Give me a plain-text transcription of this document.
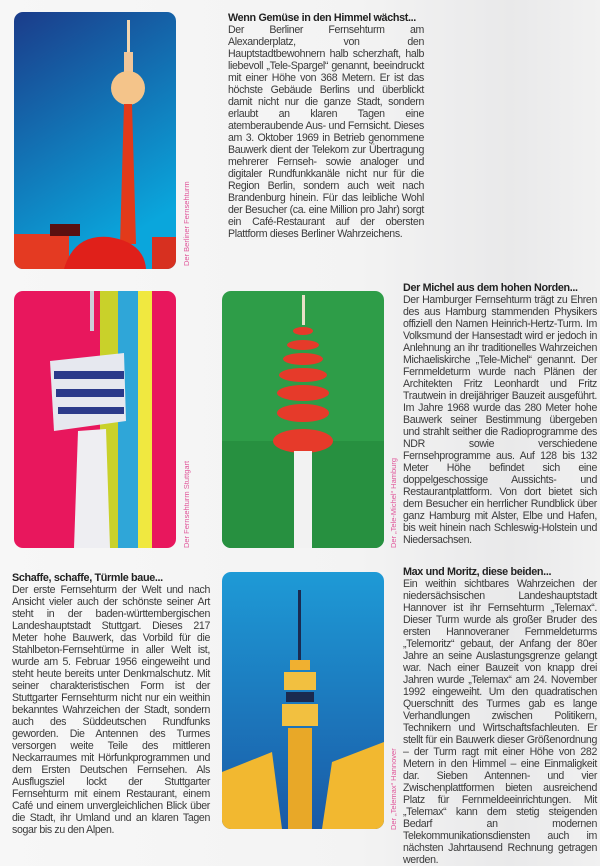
Der Berliner Fernsehturm
Wenn Gemüse in den Himmel wächst...

Der Berliner Fernsehturm am Alexanderplatz, von den Hauptstadtbewohnern halb scherzhaft, halb liebevoll „Tele-Spargel“ genannt, beeindruckt mit einer Höhe von 368 Metern. Er ist das höchste Gebäude Berlins und überblickt damit nicht nur die ganze Stadt, sondern erlaubt an klaren Tagen eine atemberaubende Aus- und Fernsicht. Dieses am 3. Oktober 1969 in Betrieb genommene Bauwerk dient der Telekom zur Übertragung mehrerer Fernseh- sowie analoger und digitaler Rundfunkkanäle nicht nur für die Region Berlin, sondern auch weit nach Brandenburg hinein. Für das leibliche Wohl der Besucher (ca. eine Million pro Jahr) sorgt ein Café-Restaurant auf der obersten Plattform dieses Berliner Wahrzeichens.

Der Fernsehturm Stuttgart	Der „Tele-Michel“ Hamburg
Der Michel aus dem hohen Norden...

Der Hamburger Fernsehturm trägt zu Ehren des aus Hamburg stammenden Physikers offiziell den Namen Heinrich-Hertz-Turm. Im Volksmund der Hansestadt wird er jedoch in Anlehnung an ihr traditionelles Wahrzeichen Michaeliskirche „Tele-Michel“ genannt. Der Fernmeldeturm wurde nach Plänen der Architekten Fritz Leonhardt und Fritz Trautwein in dreijähriger Bauzeit ausgeführt. Im Jahre 1968 wurde das 280 Meter hohe Bauwerk seiner Bestimmung übergeben und strahlt seither die Radioprogramme des NDR sowie verschiedene Fernsehprogramme aus. Auf 128 bis 132 Meter Höhe befindet sich eine doppelgeschossige Aussichts- und Restaurantplattform. Von dort bietet sich dem Besucher ein herrlicher Rundblick über ganz Hamburg mit Alster, Elbe und Hafen, bis weit hinein nach Schleswig-Holstein und Niedersachsen.

Schaffe, schaffe, Türmle baue...

Der erste Fernsehturm der Welt und nach Ansicht vieler auch der schönste seiner Art steht in der baden-württembergischen Landeshauptstadt Stuttgart. Dieses 217 Meter hohe Bauwerk, das Vorbild für die Stahlbeton-Fernsehtürme in aller Welt ist, wurde am 5. Februar 1956 eingeweiht und steht heute bereits unter Denkmalschutz. Mit seiner charakteristischen Form ist der Stuttgarter Fernsehturm nicht nur ein weithin bekanntes Wahrzeichen der Stadt, sondern auch des Süddeutschen Rundfunks geworden. Die Antennen des Turmes versorgen weite Teile des mittleren Neckarraumes mit Hörfunkprogrammen und dem Ersten Deutschen Fernsehen. Als Ausflugsziel lockt der Stuttgarter Fernsehturm mit einem Restaurant, einem Café und einem unvergleichlichen Blick über die Stadt, ihr Umland und an klaren Tagen sogar bis zu den Alpen.	Der „Telemax“ Hannover
Max und Moritz, diese beiden...

Ein weithin sichtbares Wahrzeichen der niedersächsischen Landeshauptstadt Hannover ist ihr Fernsehturm „Telemax“. Dieser Turm wurde als großer Bruder des ersten Hannoveraner Fernmeldeturms „Telemoritz“ gebaut, der Anfang der 80er Jahre an seine Auslastungsgrenze gelangt war. Nach einer Bauzeit von knapp drei Jahren wurde „Telemax“ am 24. November 1992 eingeweiht. Um den quadratischen Querschnitt des Turmes gab es lange Verhandlungen zwischen Politikern, Technikern und Wirtschaftsfachleuten. Er stellt für ein Bauwerk dieser Größenordnung – der Turm ragt mit einer Höhe von 282 Metern in den Himmel – eine Einmaligkeit dar. Sieben Antennen- und vier Zwischenplattformen bieten ausreichend Platz für Fernmeldeeinrichtungen. Mit „Telemax“ kann dem stetig steigenden Bedarf an modernen Telekommunikationsdiensten auch im nächsten Jahrtausend Rechnung getragen werden.
